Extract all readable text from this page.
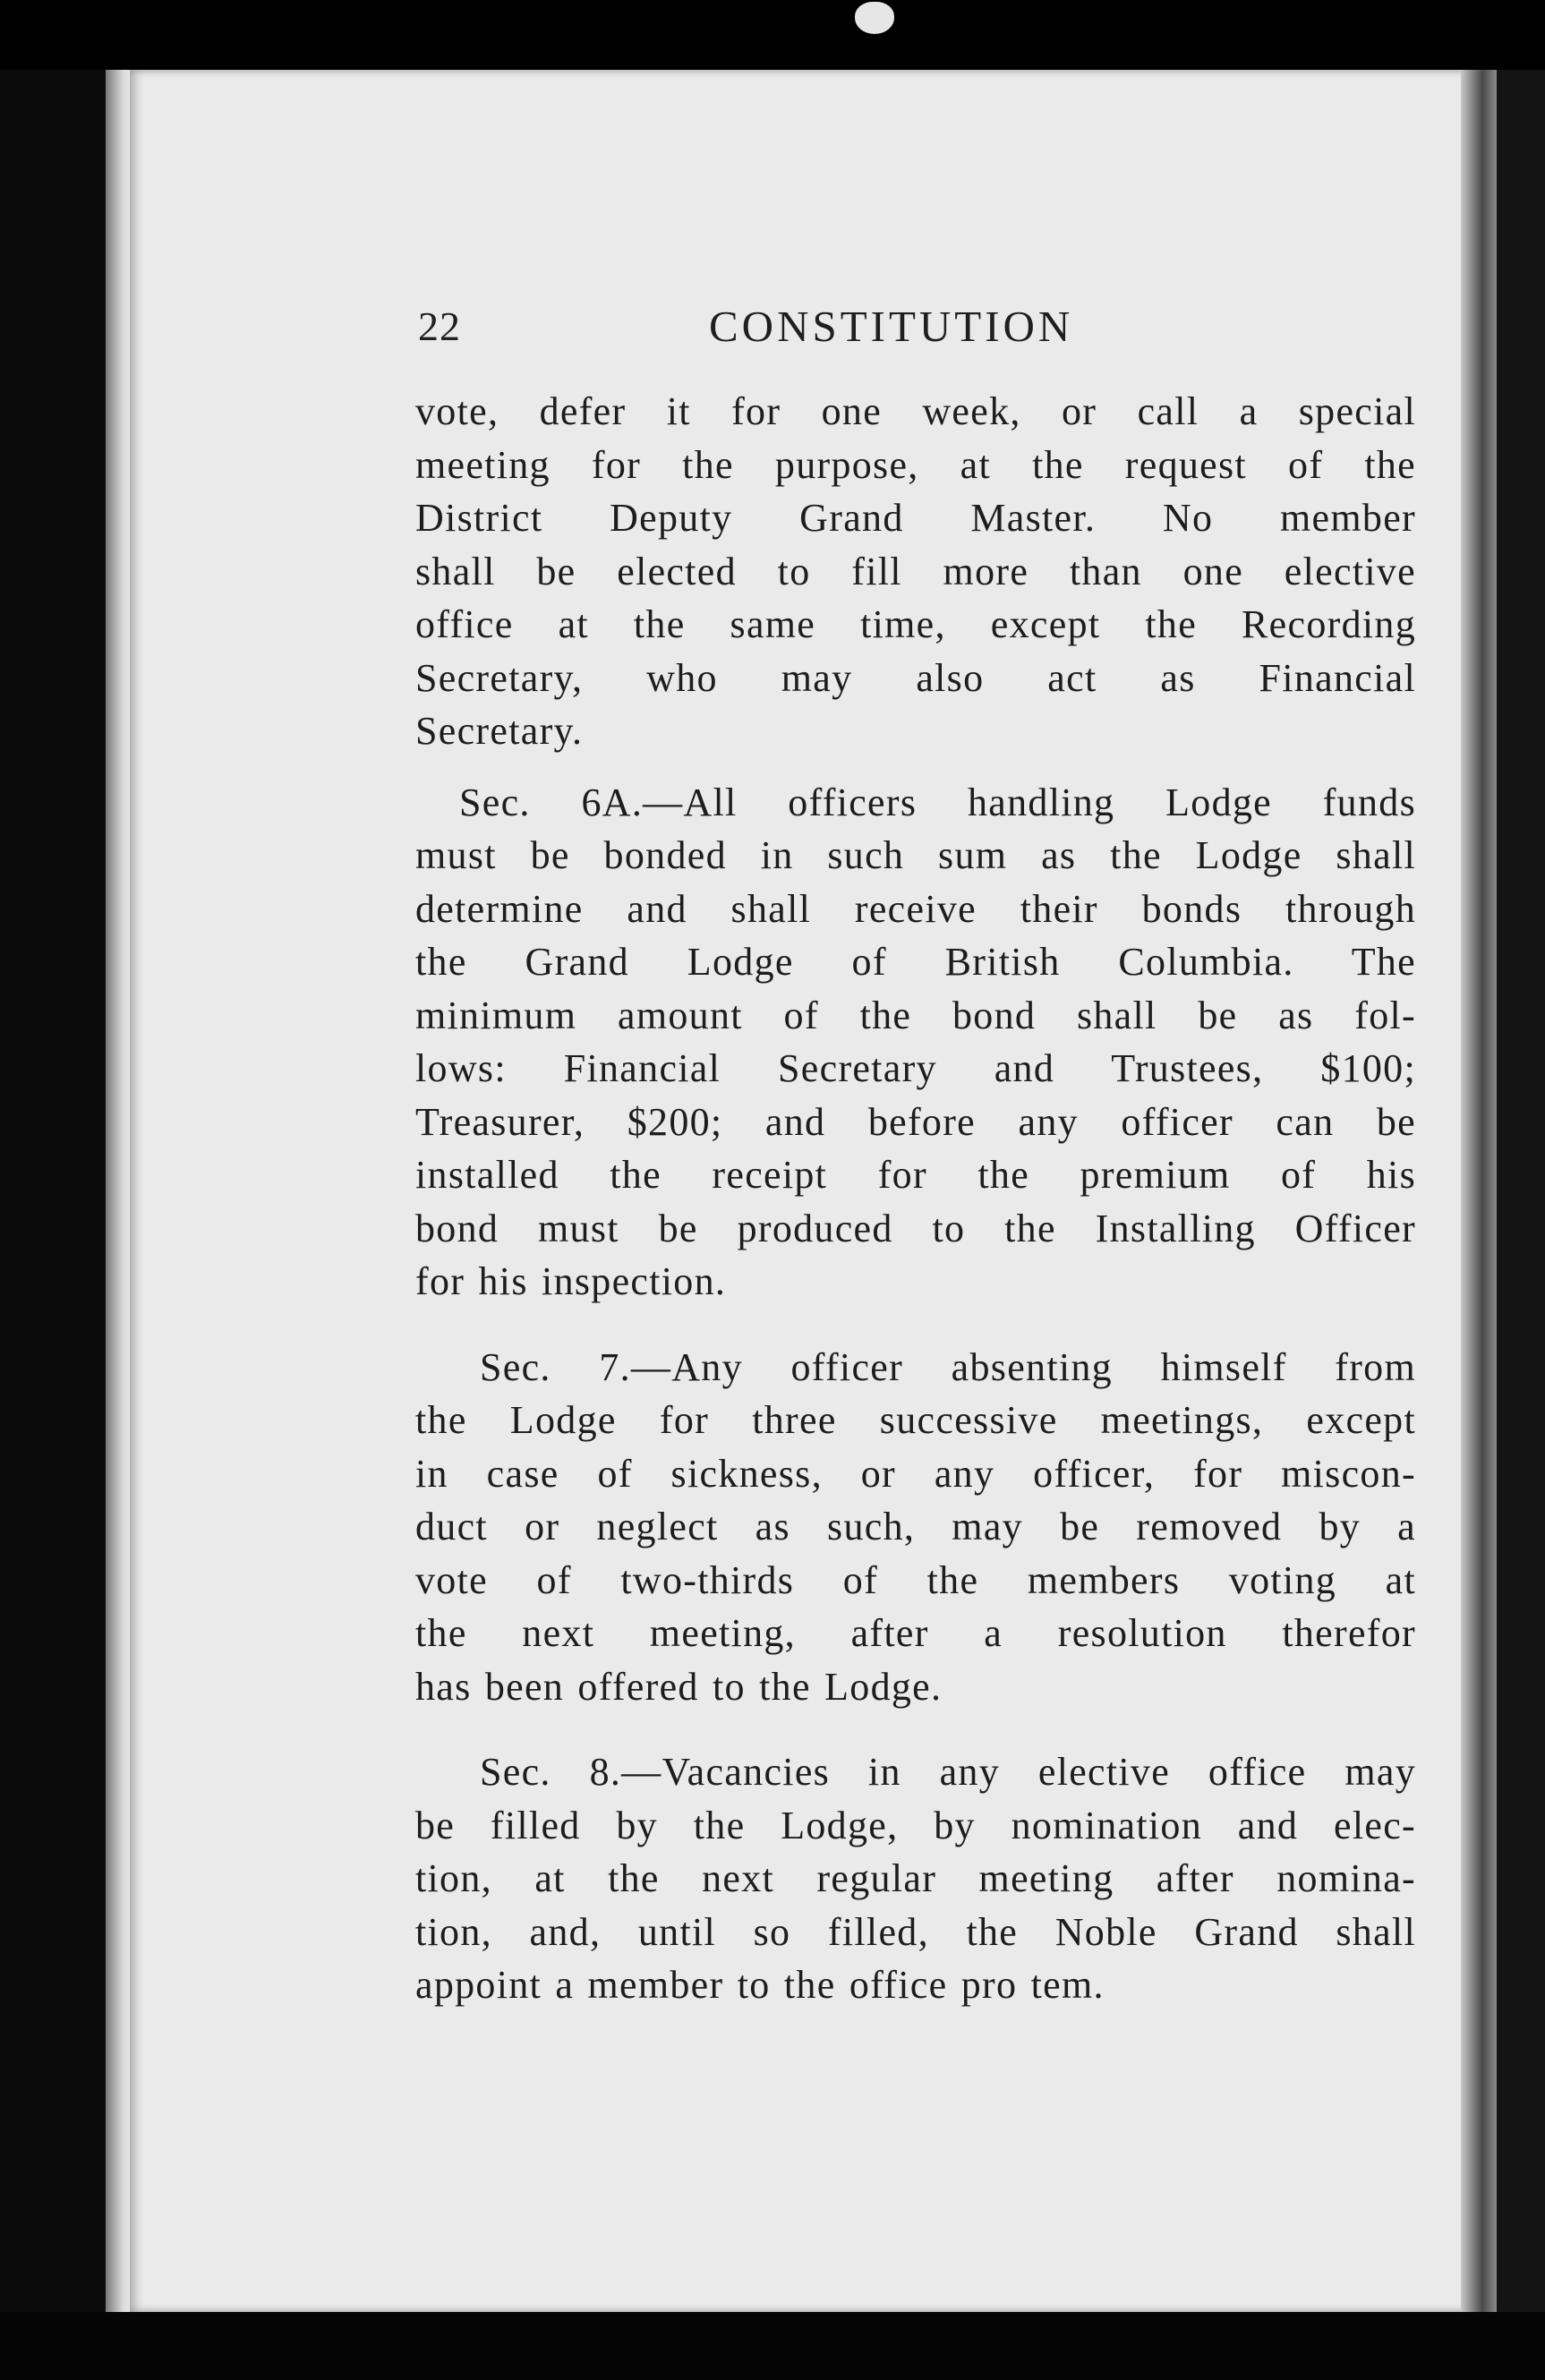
22	CONSTITUTION

vote, defer it for one week, or call a special
meeting for the purpose, at the request of the
District Deputy Grand Master. No member
shall be elected to fill more than one elective
office at the same time, except the Recording
Secretary, who may also act as Financial
Secretary.

Sec. 6A.—All officers handling Lodge funds
must be bonded in such sum as the Lodge shall
determine and shall receive their bonds through
the Grand Lodge of British Columbia. The
minimum amount of the bond shall be as fol-
lows: Financial Secretary and Trustees, $100;
Treasurer, $200; and before any officer can be
installed the receipt for the premium of his
bond must be produced to the Installing Officer
for his inspection.

Sec. 7.—Any officer absenting himself from
the Lodge for three successive meetings, except
in case of sickness, or any officer, for miscon-
duct or neglect as such, may be removed by a
vote of two-thirds of the members voting at
the next meeting, after a resolution therefor
has been offered to the Lodge.

Sec. 8.—Vacancies in any elective office may
be filled by the Lodge, by nomination and elec-
tion, at the next regular meeting after nomina-
tion, and, until so filled, the Noble Grand shall
appoint a member to the office pro tem.
